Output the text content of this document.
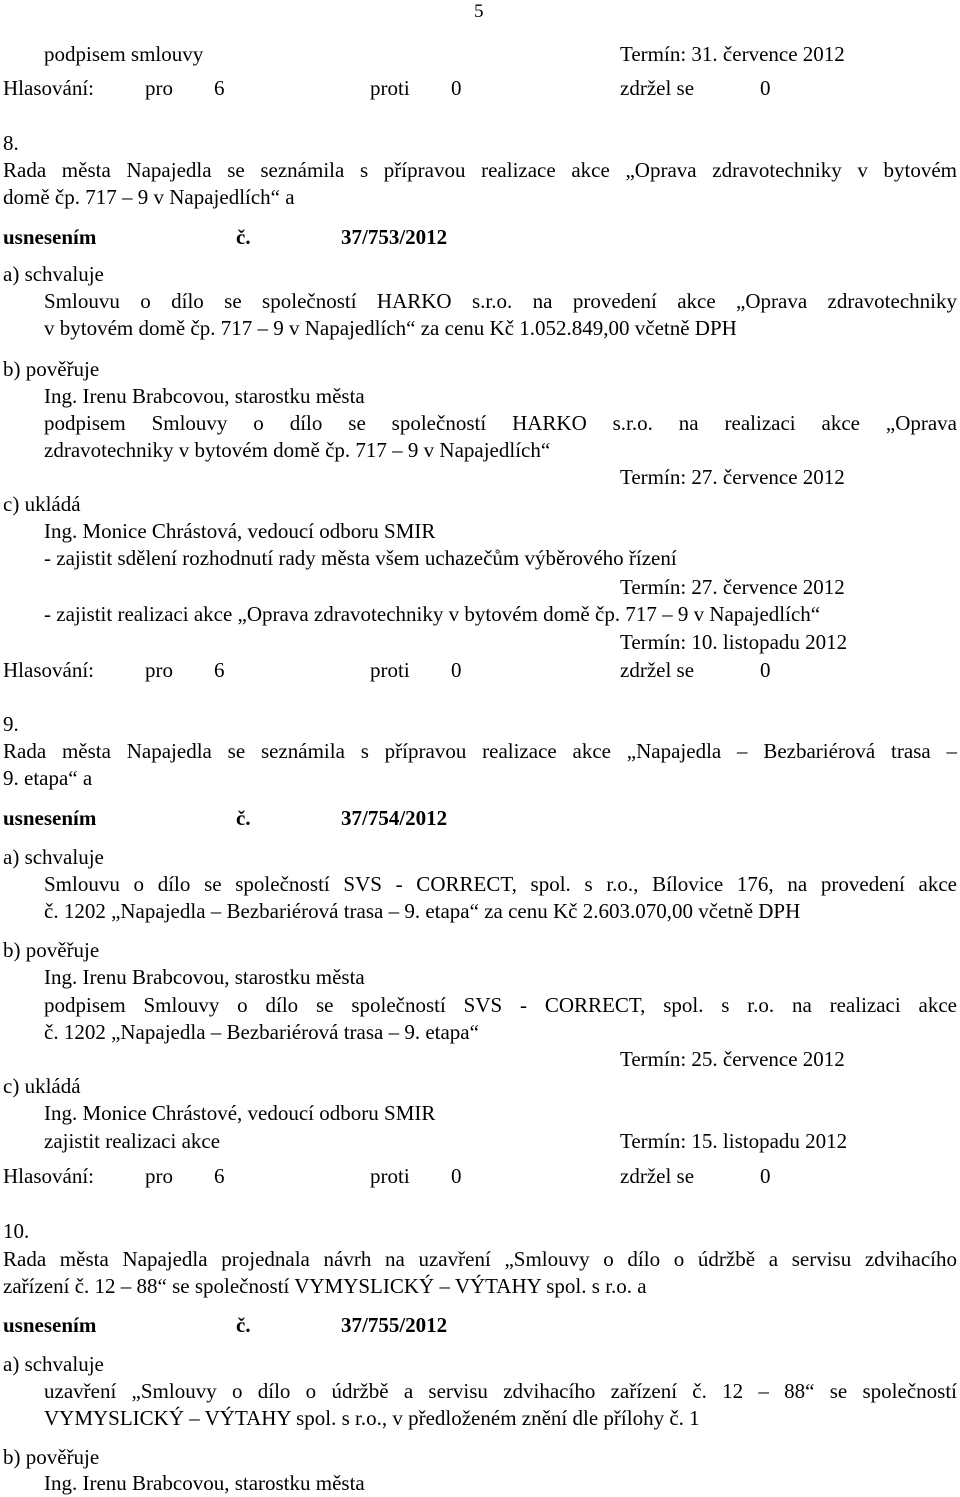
5
podpisem smlouvy	Termín: 31. července 2012
Hlasování: pro 6	proti 0	zdržel se	0
8.
Rada města Napajedla se seznámila s přípravou realizace akce „Oprava zdravotechniky v bytovém
domě čp. 717 – 9 v Napajedlích“ a
usnesením	č.	37/753/2012
a) schvaluje
Smlouvu o dílo se společností HARKO s.r.o. na provedení akce „Oprava zdravotechniky
v bytovém domě čp. 717 – 9 v Napajedlích“ za cenu Kč 1.052.849,00 včetně DPH
b) pověřuje
Ing. Irenu Brabcovou, starostku města
podpisem Smlouvy o dílo se společností HARKO s.r.o. na realizaci akce „Oprava
zdravotechniky v bytovém domě čp. 717 – 9 v Napajedlích“
Termín: 27. července 2012
c) ukládá
Ing. Monice Chrástová, vedoucí odboru SMIR
- zajistit sdělení rozhodnutí rady města všem uchazečům výběrového řízení
Termín: 27. července 2012
- zajistit realizaci akce „Oprava zdravotechniky v bytovém domě čp. 717 – 9 v Napajedlích“
Termín: 10. listopadu 2012
Hlasování: pro 6	proti 0	zdržel se	0
9.
Rada města Napajedla se seznámila s přípravou realizace akce „Napajedla – Bezbariérová trasa –
9. etapa“ a
usnesením	č.	37/754/2012
a) schvaluje
Smlouvu o dílo se společností SVS - CORRECT, spol. s r.o., Bílovice 176, na provedení akce
č. 1202 „Napajedla – Bezbariérová trasa – 9. etapa“ za cenu Kč 2.603.070,00 včetně DPH
b) pověřuje
Ing. Irenu Brabcovou, starostku města
podpisem Smlouvy o dílo se společností SVS - CORRECT, spol. s r.o. na realizaci akce
č. 1202 „Napajedla – Bezbariérová trasa – 9. etapa“
Termín: 25. července 2012
c) ukládá
Ing. Monice Chrástové, vedoucí odboru SMIR
zajistit realizaci akce	Termín: 15. listopadu 2012
Hlasování: pro 6	proti 0	zdržel se	0
10.
Rada města Napajedla projednala návrh na uzavření „Smlouvy o dílo o údržbě a servisu zdvihacího
zařízení č. 12 – 88“ se společností VYMYSLICKÝ – VÝTAHY spol. s r.o. a
usnesením	č.	37/755/2012
a) schvaluje
uzavření „Smlouvy o dílo o údržbě a servisu zdvihacího zařízení č. 12 – 88“ se společností
VYMYSLICKÝ – VÝTAHY spol. s r.o., v předloženém znění dle přílohy č. 1
b) pověřuje
Ing. Irenu Brabcovou, starostku města
